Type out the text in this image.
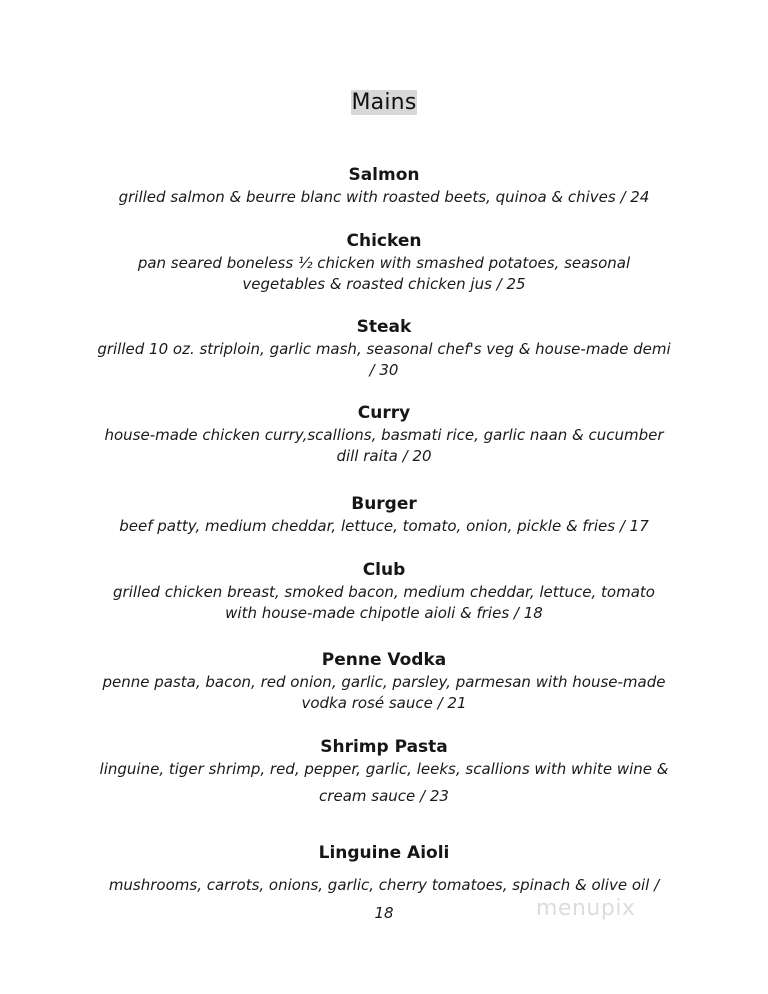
Mains
Salmon
grilled salmon & beurre blanc with roasted beets, quinoa & chives / 24
Chicken
pan seared boneless ½ chicken with smashed potatoes, seasonal
vegetables & roasted chicken jus / 25
Steak
grilled 10 oz. striploin, garlic mash, seasonal chef's veg & house-made demi
/ 30
Curry
house-made chicken curry,scallions, basmati rice, garlic naan & cucumber
dill raita / 20
Burger
beef patty, medium cheddar, lettuce, tomato, onion, pickle & fries / 17
Club
grilled chicken breast, smoked bacon, medium cheddar, lettuce, tomato
with house-made chipotle aioli & fries / 18
Penne Vodka
penne pasta, bacon, red onion, garlic, parsley, parmesan with house-made
vodka rosé sauce / 21
Shrimp Pasta
linguine, tiger shrimp, red, pepper, garlic, leeks, scallions with white wine &
cream sauce / 23
Linguine Aioli
mushrooms, carrots, onions, garlic, cherry tomatoes, spinach & olive oil /
18	menupix
